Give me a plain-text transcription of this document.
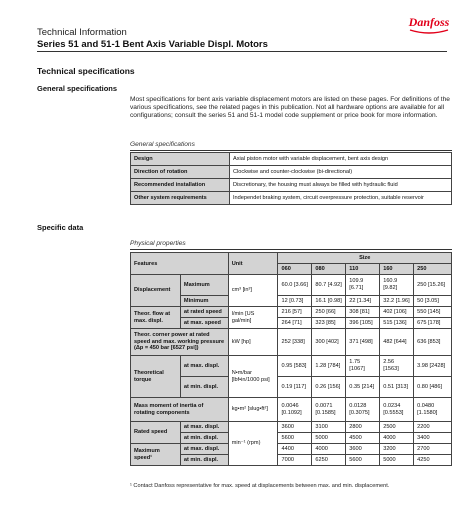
Technical Information
Series 51 and 51-1 Bent Axis Variable Displ. Motors
Danfoss
Technical specifications
General specifications
Most specifications for bent axis variable displacement motors are listed on these pages. For definitions of the various specifications, see the related pages in this publication. Not all hardware options are available for all configurations; consult the series 51 and 51-1 model code supplement or price book for more information.
General specifications
Design	Axial piston motor with variable displacement, bent axis design
Direction of rotation	Clockwise and counter-clockwise (bi-directional)
Recommended installation	Discretionary, the housing must always be filled with hydraulic fluid
Other system requirements	Independet braking system, circuit overpressure protection, suitable reservoir
Specific data
Physical properties
Features		Unit	Size				
			060	080	110	160	250
Displacement	Maximum	cm³ [in³]	60.0 [3.66]	80.7 [4.92]	109.9 [6.71]	160.9 [9.82]	250 [15.26]
	Minimum		12 [0.73]	16.1 [0.98]	22 [1.34]	32.2 [1.96]	50 [3.05]
Theor. flow at max. displ.	at rated speed	l/min [US gal/min]	216 [57]	250 [66]	308 [81]	402 [106]	550 [145]
	at max. speed		264 [71]	323 [85]	396 [105]	515 [136]	675 [178]
Theor. corner power at rated speed and max. working pressure (Δp = 450 bar [6527 psi])		kW [hp]	252 [338]	300 [402]	371 [498]	482 [644]	636 [853]
Theoretical torque	at max. displ.	N•m/bar [lbf•in/1000 psi]	0.95 [583]	1.28 [784]	1.75 [1067]	2.56 [1563]	3.98 [2428]
	at min. displ.		0.19 [117]	0.26 [156]	0.35 [214]	0.51 [313]	0.80 [486]
Mass moment of inertia of rotating components		kg•m² [slug•ft²]	0.0046 [0.1092]	0.0071 [0.1585]	0.0128 [0.3075]	0.0234 [0.5553]	0.0480 [1.1580]
Rated speed	at max. displ.	min⁻¹ (rpm)	3600	3100	2800	2500	2200
	at min. displ.		5600	5000	4500	4000	3400
Maximum speed¹	at max. displ.		4400	4000	3600	3200	2700
	at min. displ.		7000	6250	5600	5000	4250
¹ Contact Danfoss representative for max. speed at displacements between max. and min. displacement.
